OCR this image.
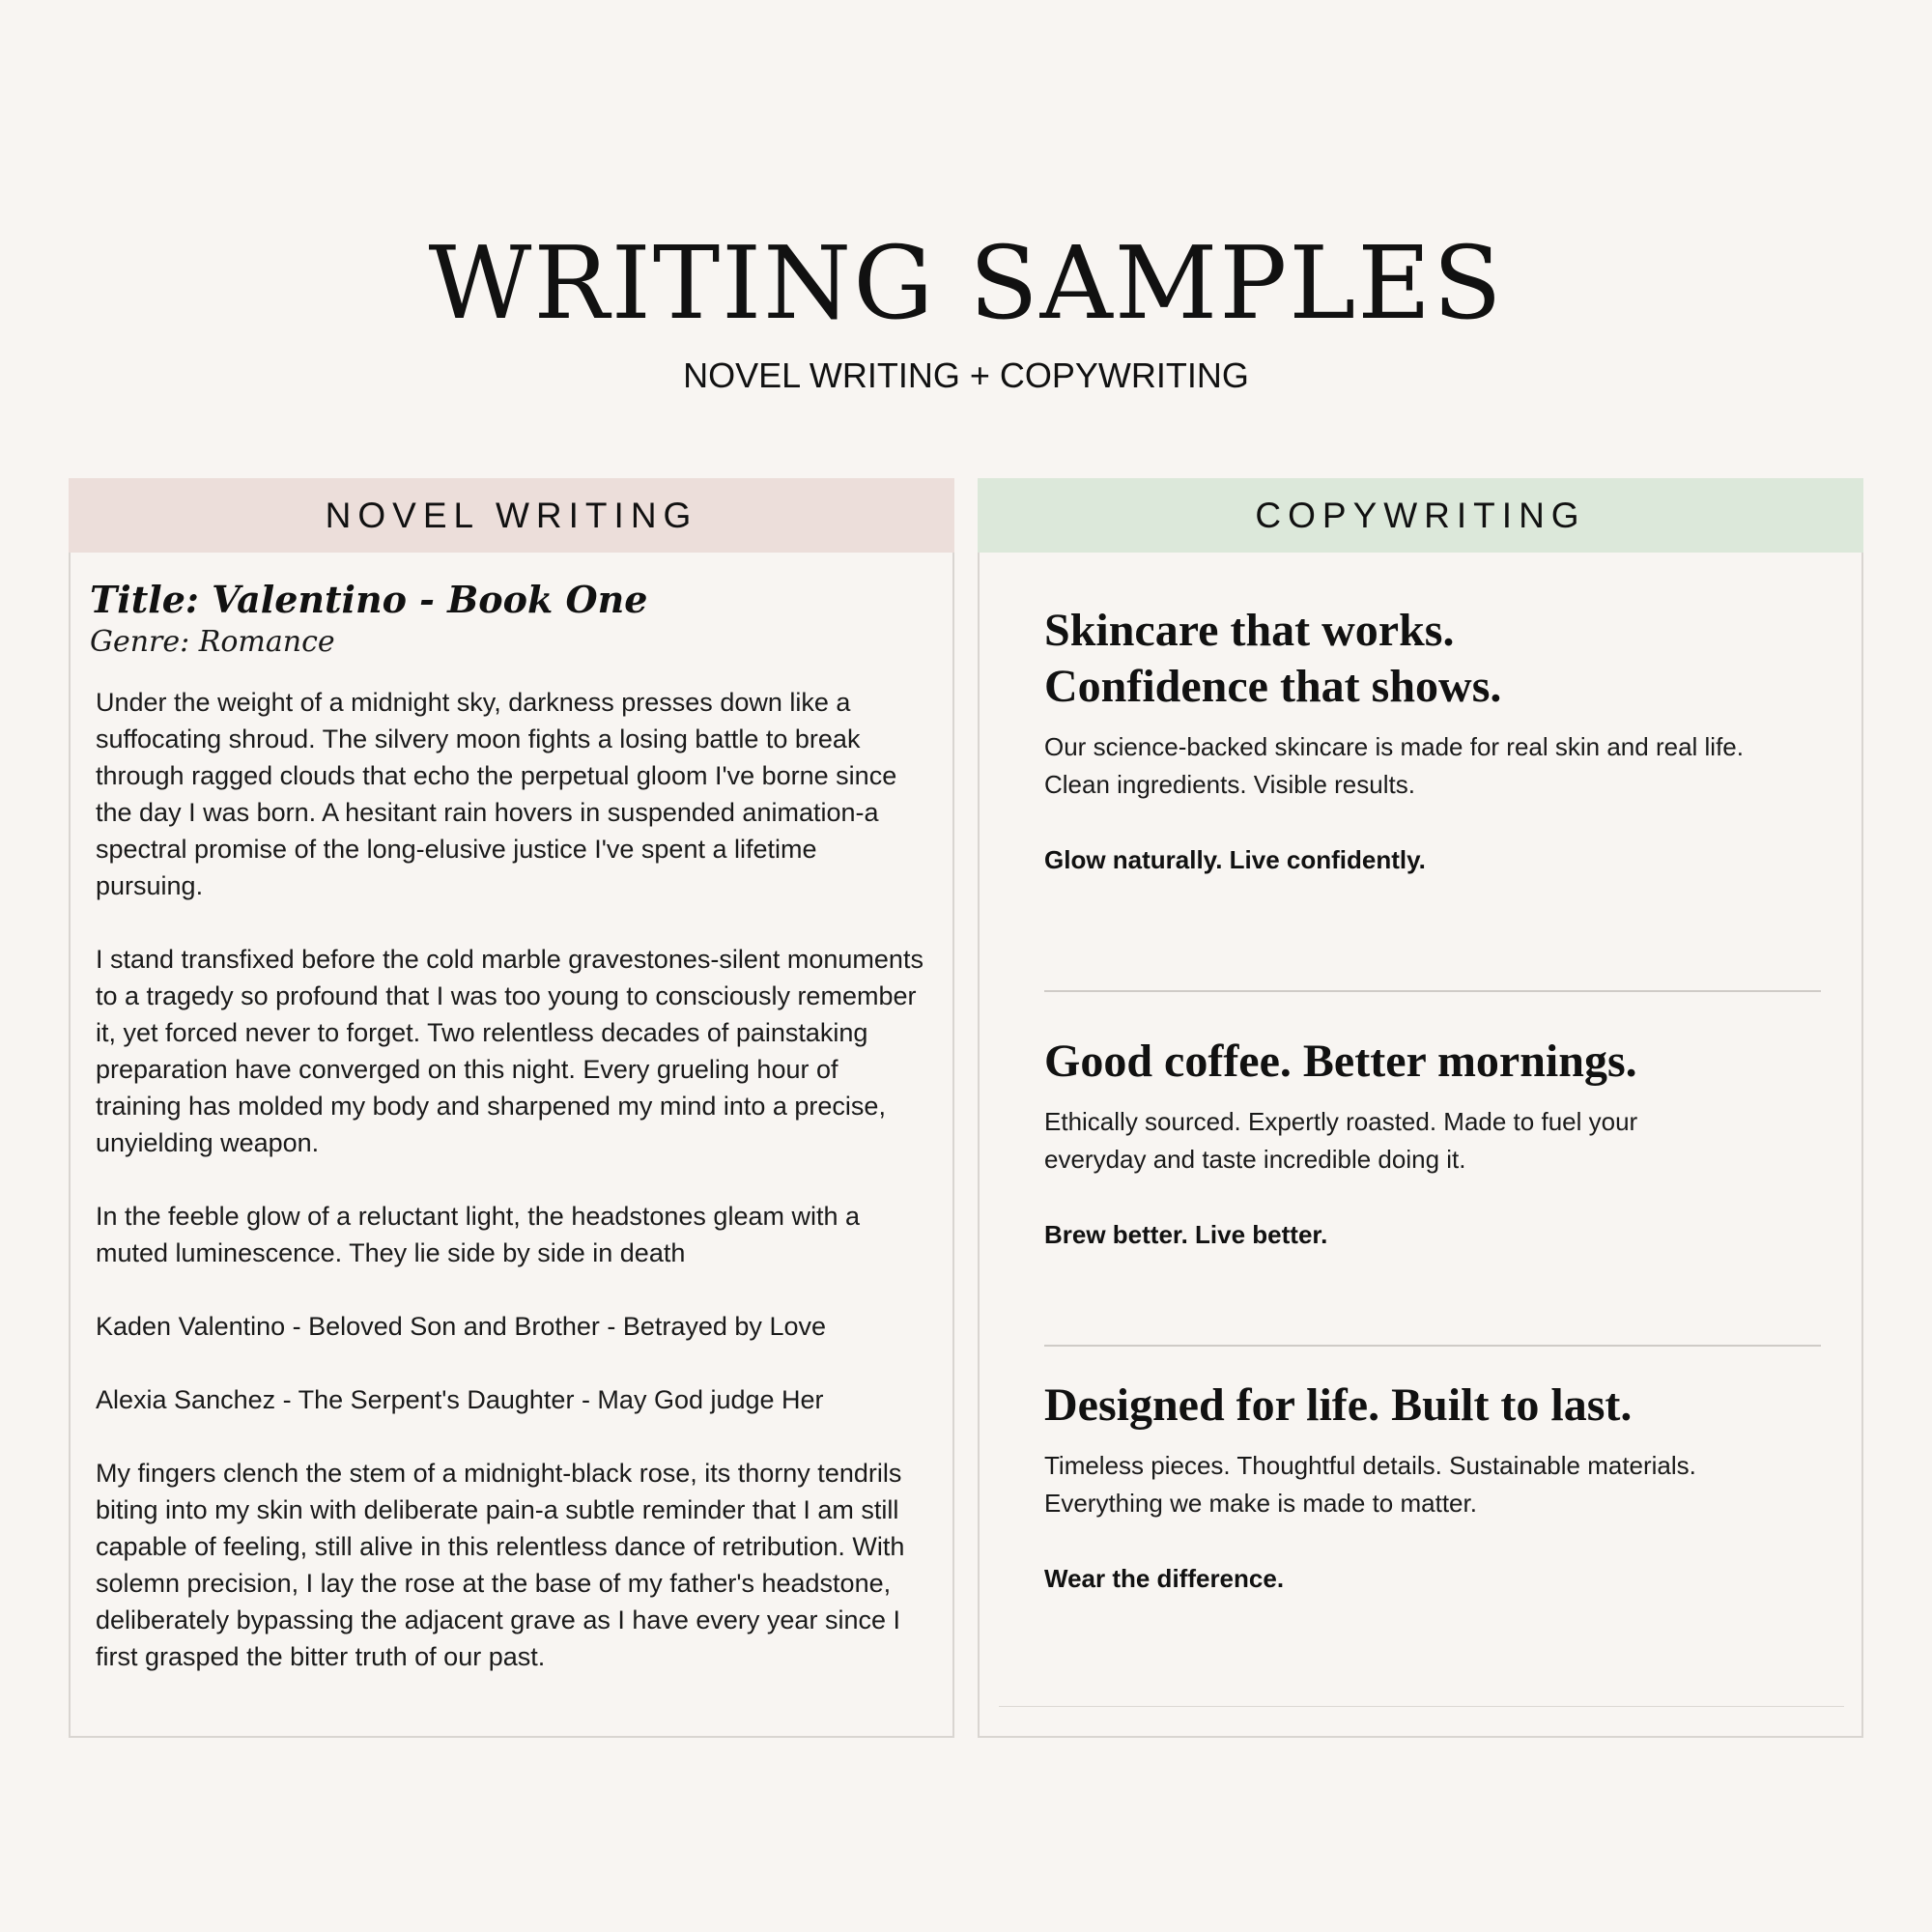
WRITING SAMPLES
NOVEL WRITING + COPYWRITING
NOVEL WRITING	COPYWRITING
Title: Valentino - Book One
Genre: Romance

Under the weight of a midnight sky, darkness presses down like a suffocating shroud. The silvery moon fights a losing battle to break through ragged clouds that echo the perpetual gloom I've borne since the day I was born. A hesitant rain hovers in suspended animation-a spectral promise of the long-elusive justice I've spent a lifetime pursuing.

I stand transfixed before the cold marble gravestones-silent monuments to a tragedy so profound that I was too young to consciously remember it, yet forced never to forget. Two relentless decades of painstaking preparation have converged on this night. Every grueling hour of training has molded my body and sharpened my mind into a precise, unyielding weapon.

In the feeble glow of a reluctant light, the headstones gleam with a muted luminescence. They lie side by side in death

Kaden Valentino - Beloved Son and Brother - Betrayed by Love

Alexia Sanchez - The Serpent's Daughter - May God judge Her

My fingers clench the stem of a midnight-black rose, its thorny tendrils biting into my skin with deliberate pain-a subtle reminder that I am still capable of feeling, still alive in this relentless dance of retribution. With solemn precision, I lay the rose at the base of my father's headstone, deliberately bypassing the adjacent grave as I have every year since I first grasped the bitter truth of our past.

Skincare that works.
Confidence that shows.

Our science-backed skincare is made for real skin and real life.
Clean ingredients. Visible results.

Glow naturally. Live confidently.

Good coffee. Better mornings.

Ethically sourced. Expertly roasted. Made to fuel your
everyday and taste incredible doing it.

Brew better. Live better.

Designed for life. Built to last.

Timeless pieces. Thoughtful details. Sustainable materials.
Everything we make is made to matter.

Wear the difference.
